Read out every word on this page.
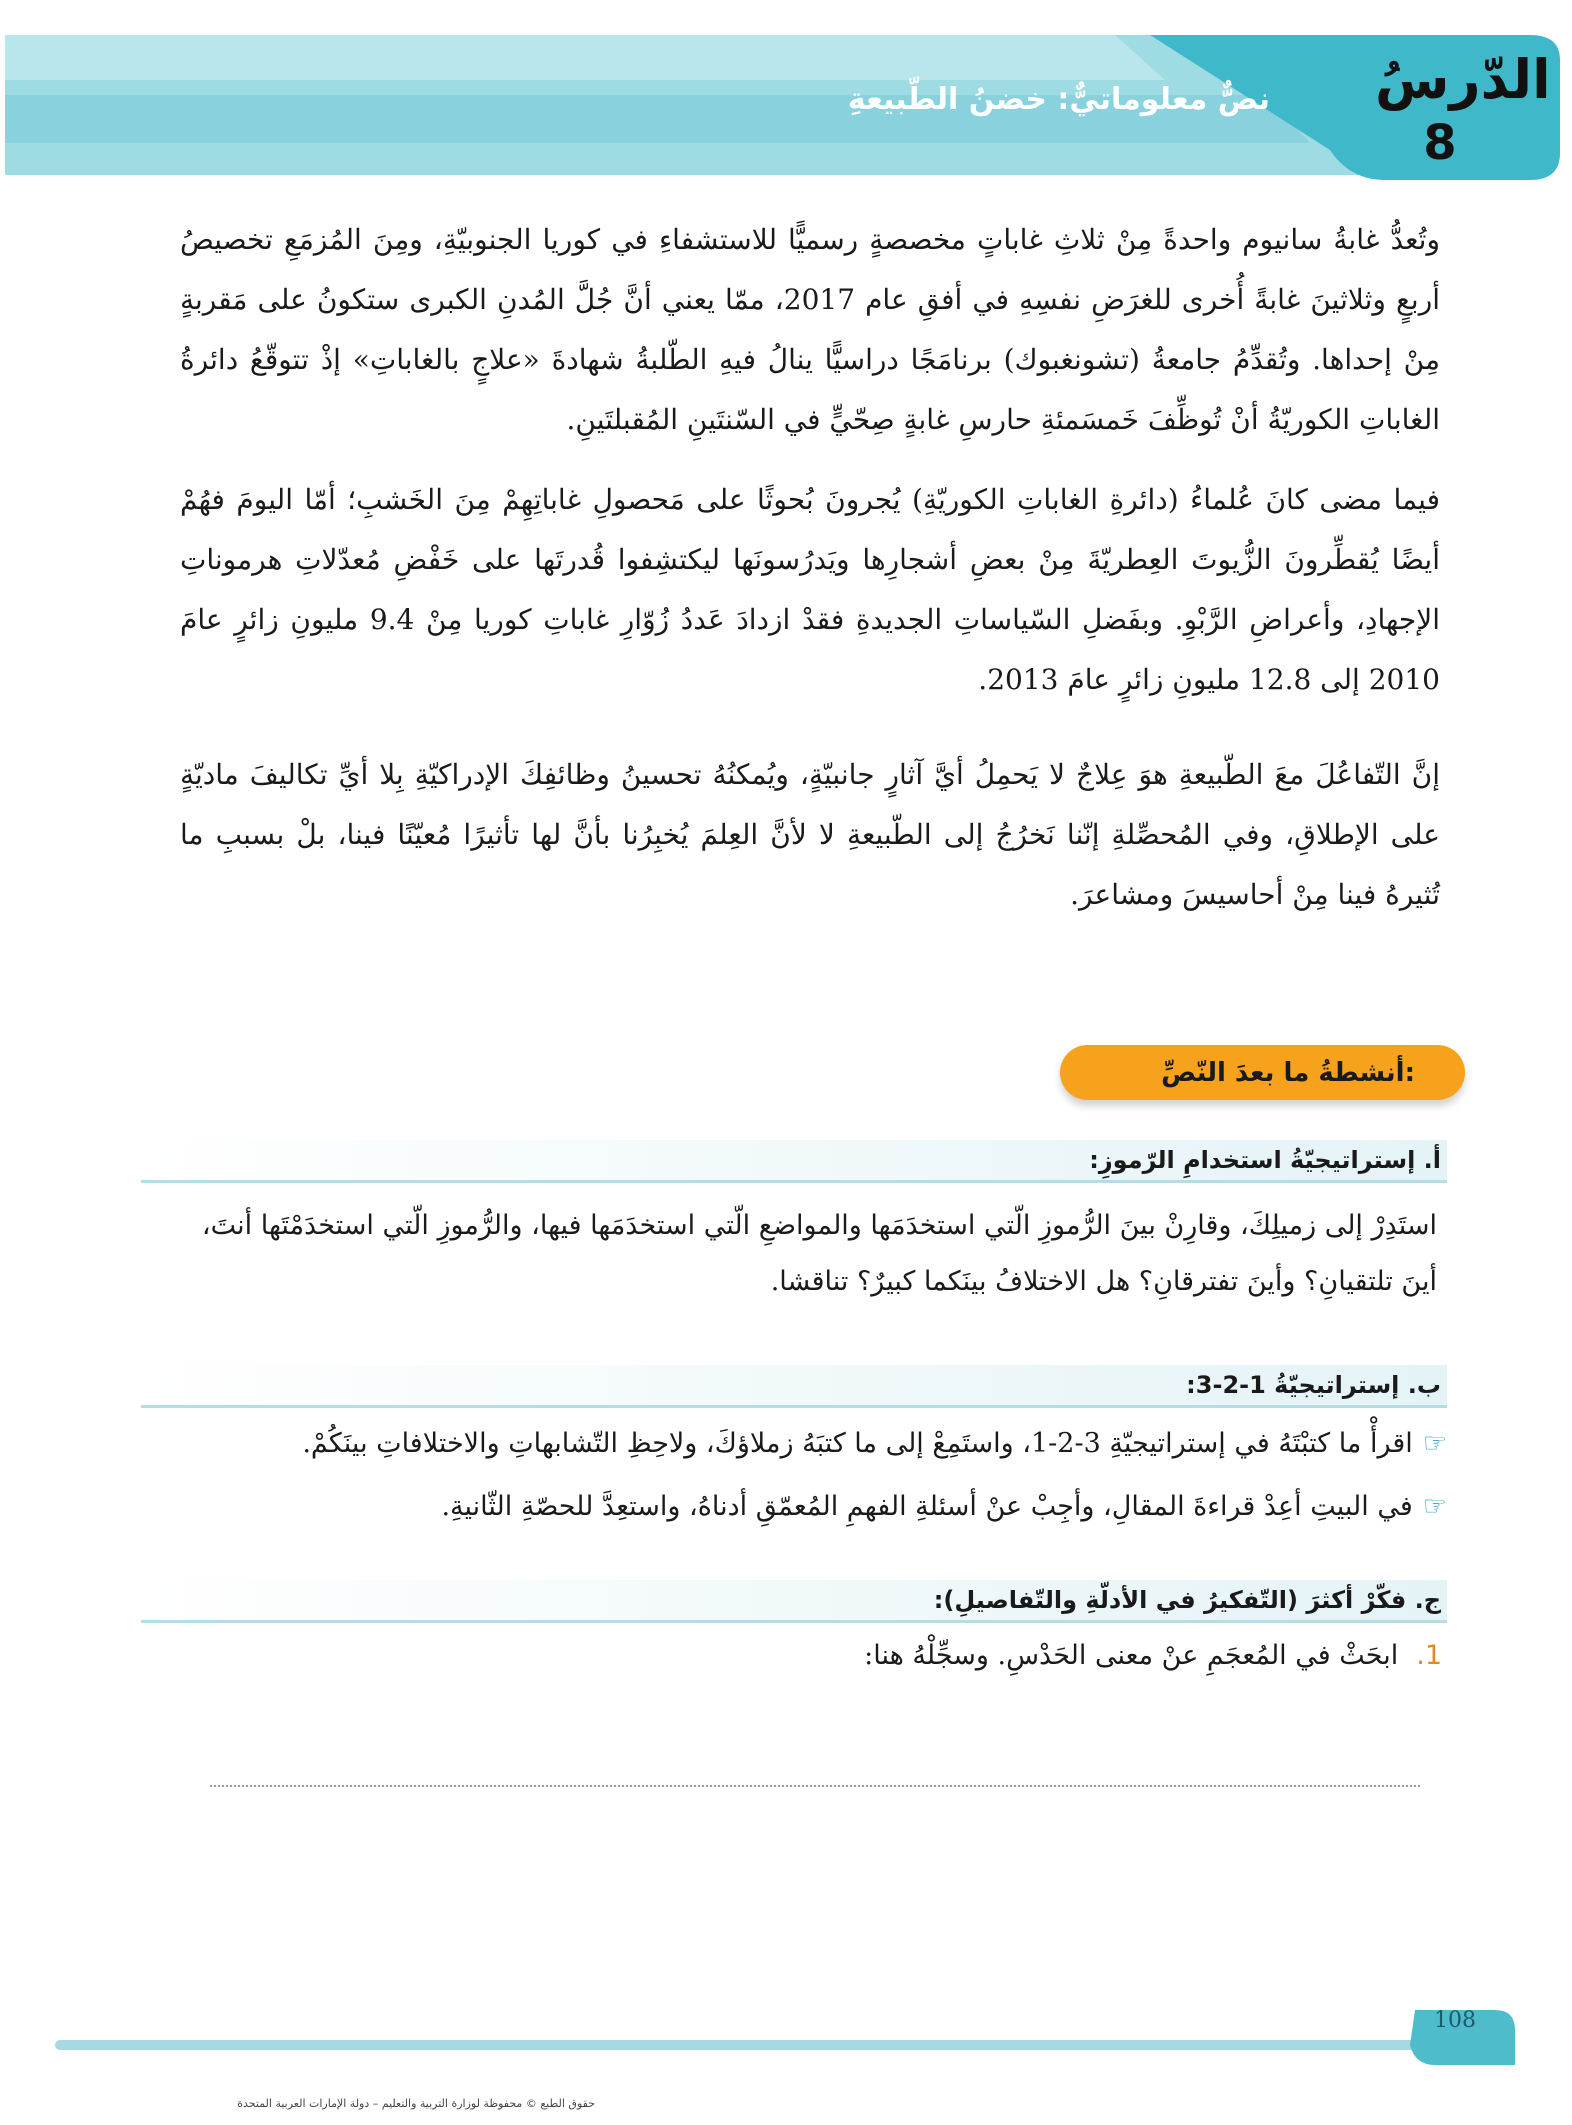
نصٌّ معلوماتيٌّ: خضنُ الطّبيعةِ الدّرسُ
8
وتُعدُّ غابةُ سانيوم واحدةً مِنْ ثلاثِ غاباتٍ مخصصةٍ رسميًّا للاستشفاءِ في كوريا الجنوبيّةِ، ومِنَ المُزمَعِ تخصيصُ أربعٍ وثلاثينَ غابةً أُخرى للغرَضِ نفسِهِ في أفقِ عام 2017، ممّا يعني أنَّ جُلَّ المُدنِ الكبرى ستكونُ على مَقربةٍ مِنْ إحداها. وتُقدِّمُ جامعةُ (تشونغبوك) برنامَجًا دراسيًّا ينالُ فيهِ الطّلبةُ شهادةَ «علاجٍ بالغاباتِ» إذْ تتوقّعُ دائرةُ الغاباتِ الكوريّةُ أنْ تُوظِّفَ خَمسَمئةِ حارسِ غابةٍ صِحّيٍّ في السّنتَينِ المُقبلتَينِ.
فيما مضى كانَ عُلماءُ (دائرةِ الغاباتِ الكوريّةِ) يُجرونَ بُحوثًا على مَحصولِ غاباتِهِمْ مِنَ الخَشبِ؛ أمّا اليومَ فهُمْ أيضًا يُقطِّرونَ الزُّيوتَ العِطريّةَ مِنْ بعضِ أشجارِها ويَدرُسونَها ليكتشِفوا قُدرتَها على خَفْضِ مُعدّلاتِ هرموناتِ الإجهادِ، وأعراضِ الرَّبْوِ. وبفَضلِ السّياساتِ الجديدةِ فقدْ ازدادَ عَددُ زُوّارِ غاباتِ كوريا مِنْ 9.4 مليونِ زائرٍ عامَ 2010 إلى 12.8 مليونِ زائرٍ عامَ 2013.
إنَّ التّفاعُلَ معَ الطّبيعةِ هوَ عِلاجٌ لا يَحمِلُ أيَّ آثارٍ جانبيّةٍ، ويُمكنُهُ تحسينُ وظائفِكَ الإدراكيّةِ بِلا أيِّ تكاليفَ ماديّةٍ على الإطلاقِ، وفي المُحصِّلةِ إنّنا نَخرُجُ إلى الطّبيعةِ لا لأنَّ العِلمَ يُخبِرُنا بأنَّ لها تأثيرًا مُعيّنًا فينا، بلْ بسببِ ما تُثيرهُ فينا مِنْ أحاسيسَ ومشاعرَ.
أنشطةُ ما بعدَ النّصِّ:
أ. إستراتيجيّةُ استخدامِ الرّموزِ:
استَدِرْ إلى زميلِكَ، وقارِنْ بينَ الرُّموزِ الّتي استخدَمَها والمواضعِ الّتي استخدَمَها فيها، والرُّموزِ الّتي استخدَمْتَها أنتَ، أينَ تلتقيانِ؟ وأينَ تفترقانِ؟ هل الاختلافُ بينَكما كبيرٌ؟ تناقشا.
ب. إستراتيجيّةُ 1-2-3:
☞اقرأْ ما كتبْتَهُ في إستراتيجيّةِ 3-2-1، واستَمِعْ إلى ما كتبَهُ زملاؤكَ، ولاحِظِ التّشابهاتِ والاختلافاتِ بينَكُمْ.
☞في البيتِ أعِدْ قراءةَ المقالِ، وأجِبْ عنْ أسئلةِ الفهمِ المُعمّقِ أدناهُ، واستعِدَّ للحصّةِ الثّانيةِ.
ج. فكّرْ أكثرَ (التّفكيرُ في الأدلّةِ والتّفاصيلِ):
1.ابحَثْ في المُعجَمِ عنْ معنى الحَدْسِ. وسجِّلْهُ هنا:
108
حقوق الطبع © محفوظة لوزارة التربية والتعليم – دولة الإمارات العربية المتحدة
